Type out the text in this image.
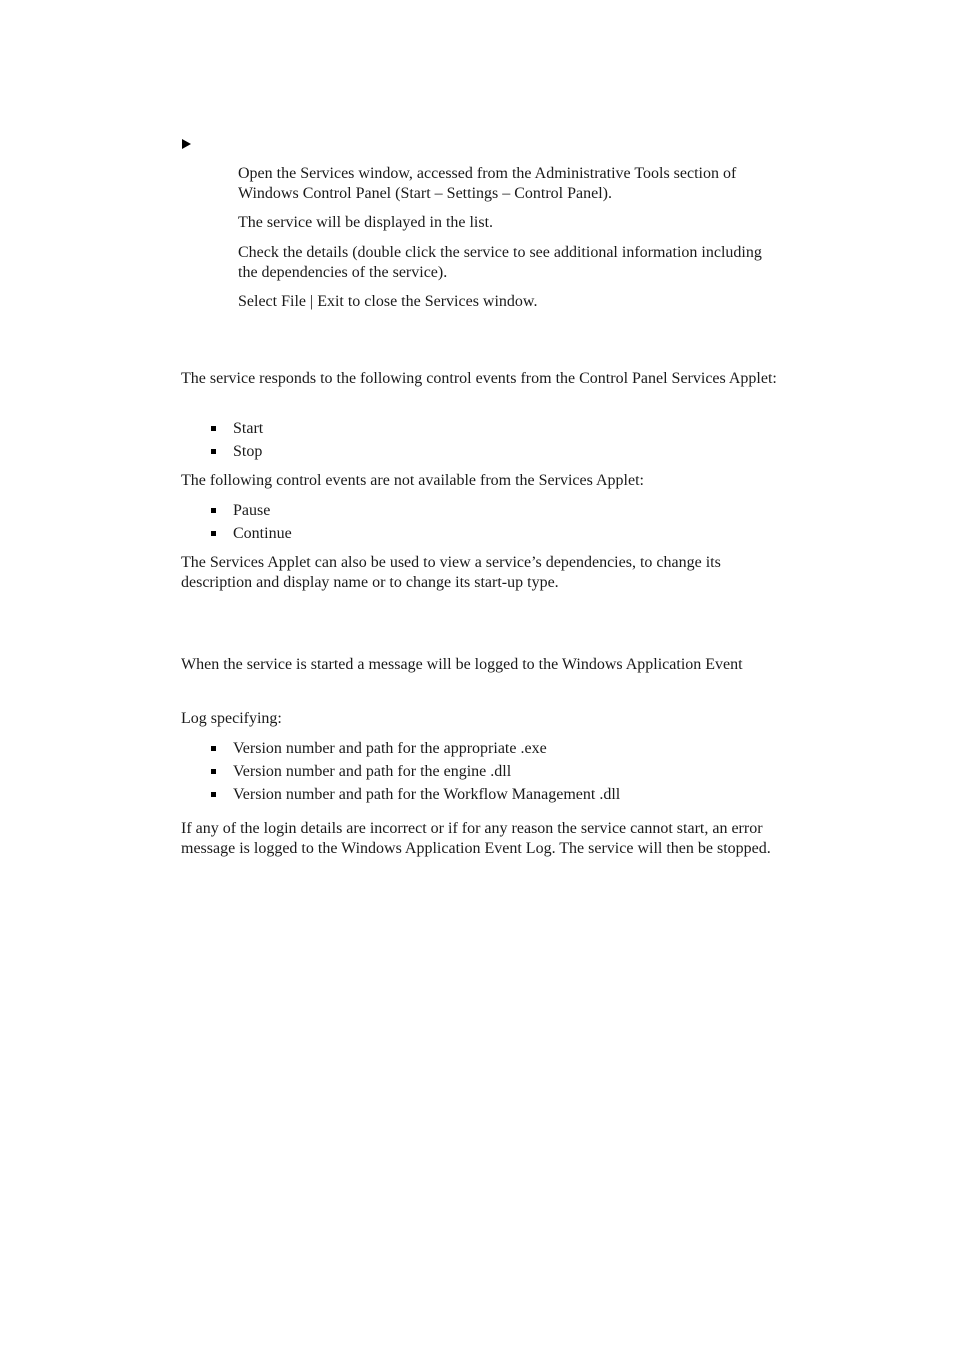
Open the Services window, accessed from the Administrative Tools section of Windows Control Panel (Start – Settings – Control Panel).

The service will be displayed in the list.

Check the details (double click the service to see additional information including the dependencies of the service).

Select File | Exit to close the Services window.

The service responds to the following control events from the Control Panel Services Applet:

Start
Stop

The following control events are not available from the Services Applet:

Pause
Continue

The Services Applet can also be used to view a service’s dependencies, to change its description and display name or to change its start-up type.

When the service is started a message will be logged to the Windows Application Event

Log specifying:

Version number and path for the appropriate .exe
Version number and path for the engine .dll
Version number and path for the Workflow Management .dll

If any of the login details are incorrect or if for any reason the service cannot start, an error message is logged to the Windows Application Event Log. The service will then be stopped.
